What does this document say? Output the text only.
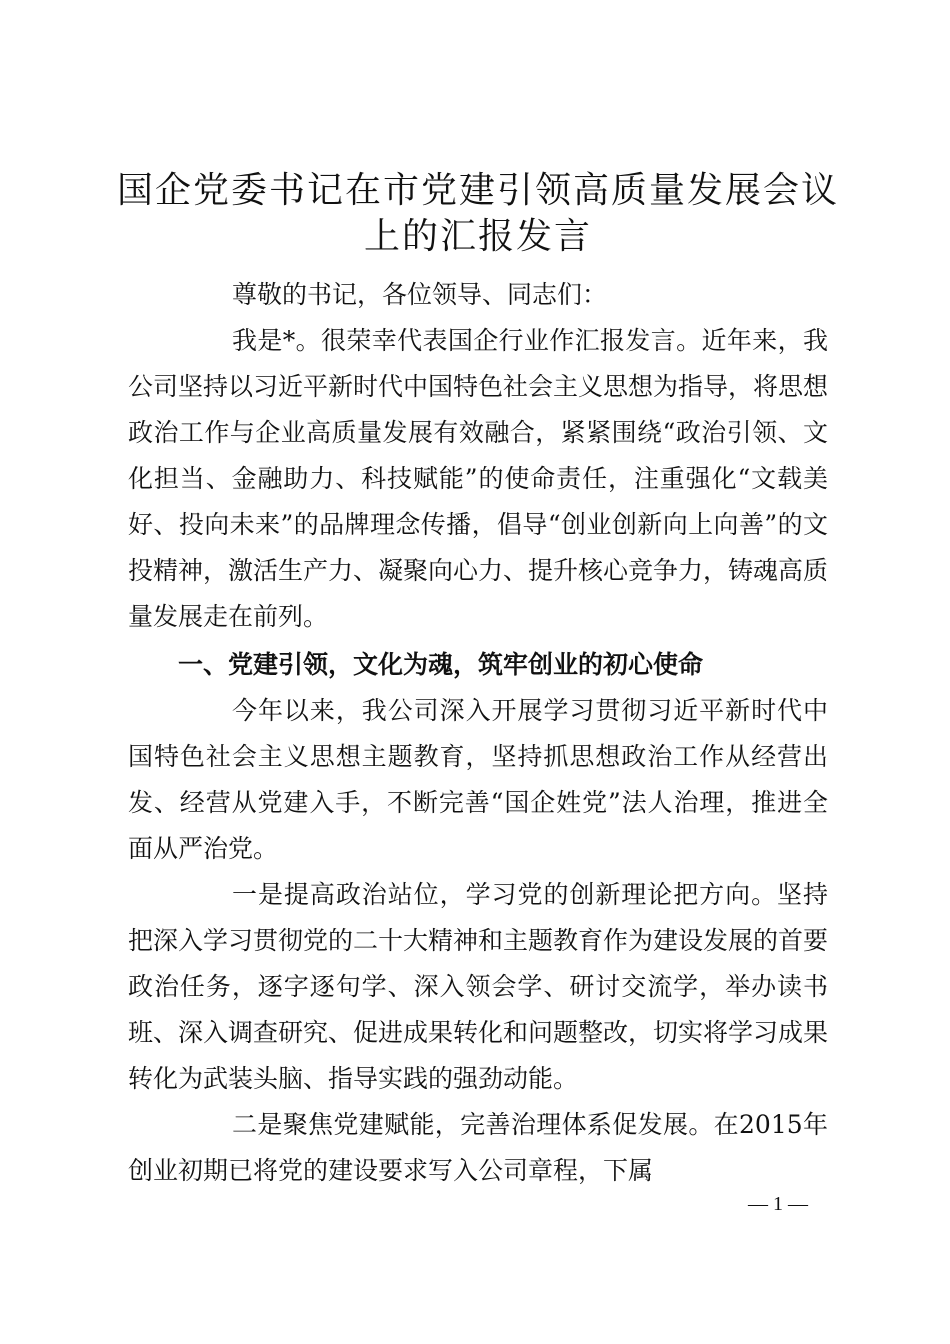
国企党委书记在市党建引领高质量发展会议上的汇报发言

尊敬的书记，各位领导、同志们：

我是*。很荣幸代表国企行业作汇报发言。近年来，我公司坚持以习近平新时代中国特色社会主义思想为指导，将思想政治工作与企业高质量发展有效融合，紧紧围绕“政治引领、文化担当、金融助力、科技赋能”的使命责任，注重强化“文载美好、投向未来”的品牌理念传播，倡导“创业创新向上向善”的文投精神，激活生产力、凝聚向心力、提升核心竞争力，铸魂高质量发展走在前列。

一、党建引领，文化为魂，筑牢创业的初心使命

今年以来，我公司深入开展学习贯彻习近平新时代中国特色社会主义思想主题教育，坚持抓思想政治工作从经营出发、经营从党建入手，不断完善“国企姓党”法人治理，推进全面从严治党。

一是提高政治站位，学习党的创新理论把方向。坚持把深入学习贯彻党的二十大精神和主题教育作为建设发展的首要政治任务，逐字逐句学、深入领会学、研讨交流学，举办读书班、深入调查研究、促进成果转化和问题整改，切实将学习成果转化为武装头脑、指导实践的强劲动能。

二是聚焦党建赋能，完善治理体系促发展。在2015年创业初期已将党的建设要求写入公司章程，下属

— 1 —
